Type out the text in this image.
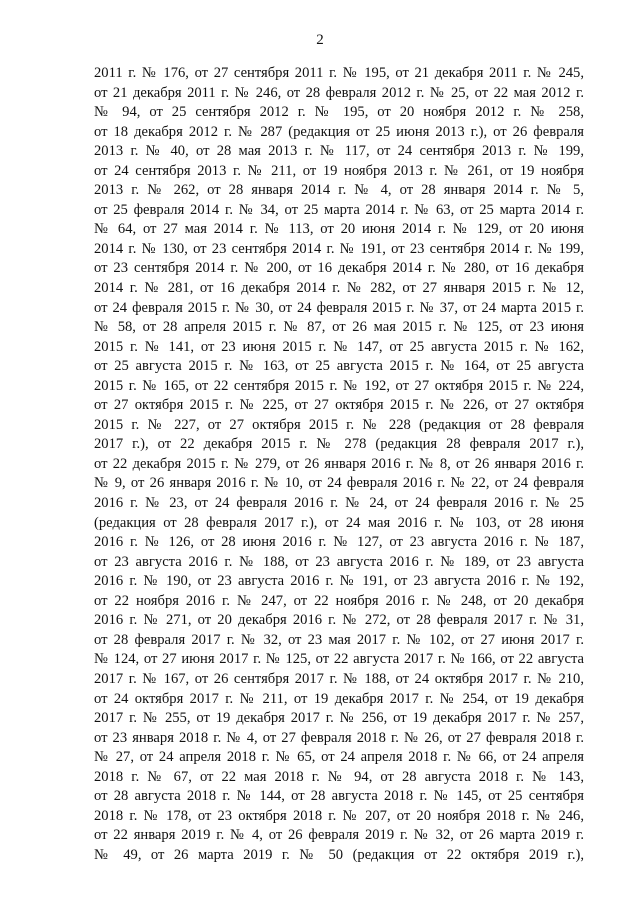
2
2011 г. № 176, от 27 сентября 2011 г. № 195, от 21 декабря 2011 г. № 245,
от 21 декабря 2011 г. № 246, от 28 февраля 2012 г. № 25, от 22 мая 2012 г.
№ 94, от 25 сентября 2012 г. № 195, от 20 ноября 2012 г. № 258,
от 18 декабря 2012 г. № 287 (редакция от 25 июня 2013 г.), от 26 февраля
2013 г. № 40, от 28 мая 2013 г. № 117, от 24 сентября 2013 г. № 199,
от 24 сентября 2013 г. № 211, от 19 ноября 2013 г. № 261, от 19 ноября
2013 г. № 262, от 28 января 2014 г. № 4, от 28 января 2014 г. № 5,
от 25 февраля 2014 г. № 34, от 25 марта 2014 г. № 63, от 25 марта 2014 г.
№ 64, от 27 мая 2014 г. № 113, от 20 июня 2014 г. № 129, от 20 июня
2014 г. № 130, от 23 сентября 2014 г. № 191, от 23 сентября 2014 г. № 199,
от 23 сентября 2014 г. № 200, от 16 декабря 2014 г. № 280, от 16 декабря
2014 г. № 281, от 16 декабря 2014 г. № 282, от 27 января 2015 г. № 12,
от 24 февраля 2015 г. № 30, от 24 февраля 2015 г. № 37, от 24 марта 2015 г.
№ 58, от 28 апреля 2015 г. № 87, от 26 мая 2015 г. № 125, от 23 июня
2015 г. № 141, от 23 июня 2015 г. № 147, от 25 августа 2015 г. № 162,
от 25 августа 2015 г. № 163, от 25 августа 2015 г. № 164, от 25 августа
2015 г. № 165, от 22 сентября 2015 г. № 192, от 27 октября 2015 г. № 224,
от 27 октября 2015 г. № 225, от 27 октября 2015 г. № 226, от 27 октября
2015 г. № 227, от 27 октября 2015 г. № 228 (редакция от 28 февраля
2017 г.), от 22 декабря 2015 г. № 278 (редакция 28 февраля 2017 г.),
от 22 декабря 2015 г. № 279, от 26 января 2016 г. № 8, от 26 января 2016 г.
№ 9, от 26 января 2016 г. № 10, от 24 февраля 2016 г. № 22, от 24 февраля
2016 г. № 23, от 24 февраля 2016 г. № 24, от 24 февраля 2016 г. № 25
(редакция от 28 февраля 2017 г.), от 24 мая 2016 г. № 103, от 28 июня
2016 г. № 126, от 28 июня 2016 г. № 127, от 23 августа 2016 г. № 187,
от 23 августа 2016 г. № 188, от 23 августа 2016 г. № 189, от 23 августа
2016 г. № 190, от 23 августа 2016 г. № 191, от 23 августа 2016 г. № 192,
от 22 ноября 2016 г. № 247, от 22 ноября 2016 г. № 248, от 20 декабря
2016 г. № 271, от 20 декабря 2016 г. № 272, от 28 февраля 2017 г. № 31,
от 28 февраля 2017 г. № 32, от 23 мая 2017 г. № 102, от 27 июня 2017 г.
№ 124, от 27 июня 2017 г. № 125, от 22 августа 2017 г. № 166, от 22 августа
2017 г. № 167, от 26 сентября 2017 г. № 188, от 24 октября 2017 г. № 210,
от 24 октября 2017 г. № 211, от 19 декабря 2017 г. № 254, от 19 декабря
2017 г. № 255, от 19 декабря 2017 г. № 256, от 19 декабря 2017 г. № 257,
от 23 января 2018 г. № 4, от 27 февраля 2018 г. № 26, от 27 февраля 2018 г.
№ 27, от 24 апреля 2018 г. № 65, от 24 апреля 2018 г. № 66, от 24 апреля
2018 г. № 67, от 22 мая 2018 г. № 94, от 28 августа 2018 г. № 143,
от 28 августа 2018 г. № 144, от 28 августа 2018 г. № 145, от 25 сентября
2018 г. № 178, от 23 октября 2018 г. № 207, от 20 ноября 2018 г. № 246,
от 22 января 2019 г. № 4, от 26 февраля 2019 г. № 32, от 26 марта 2019 г.
№ 49, от 26 марта 2019 г. № 50 (редакция от 22 октября 2019 г.),
